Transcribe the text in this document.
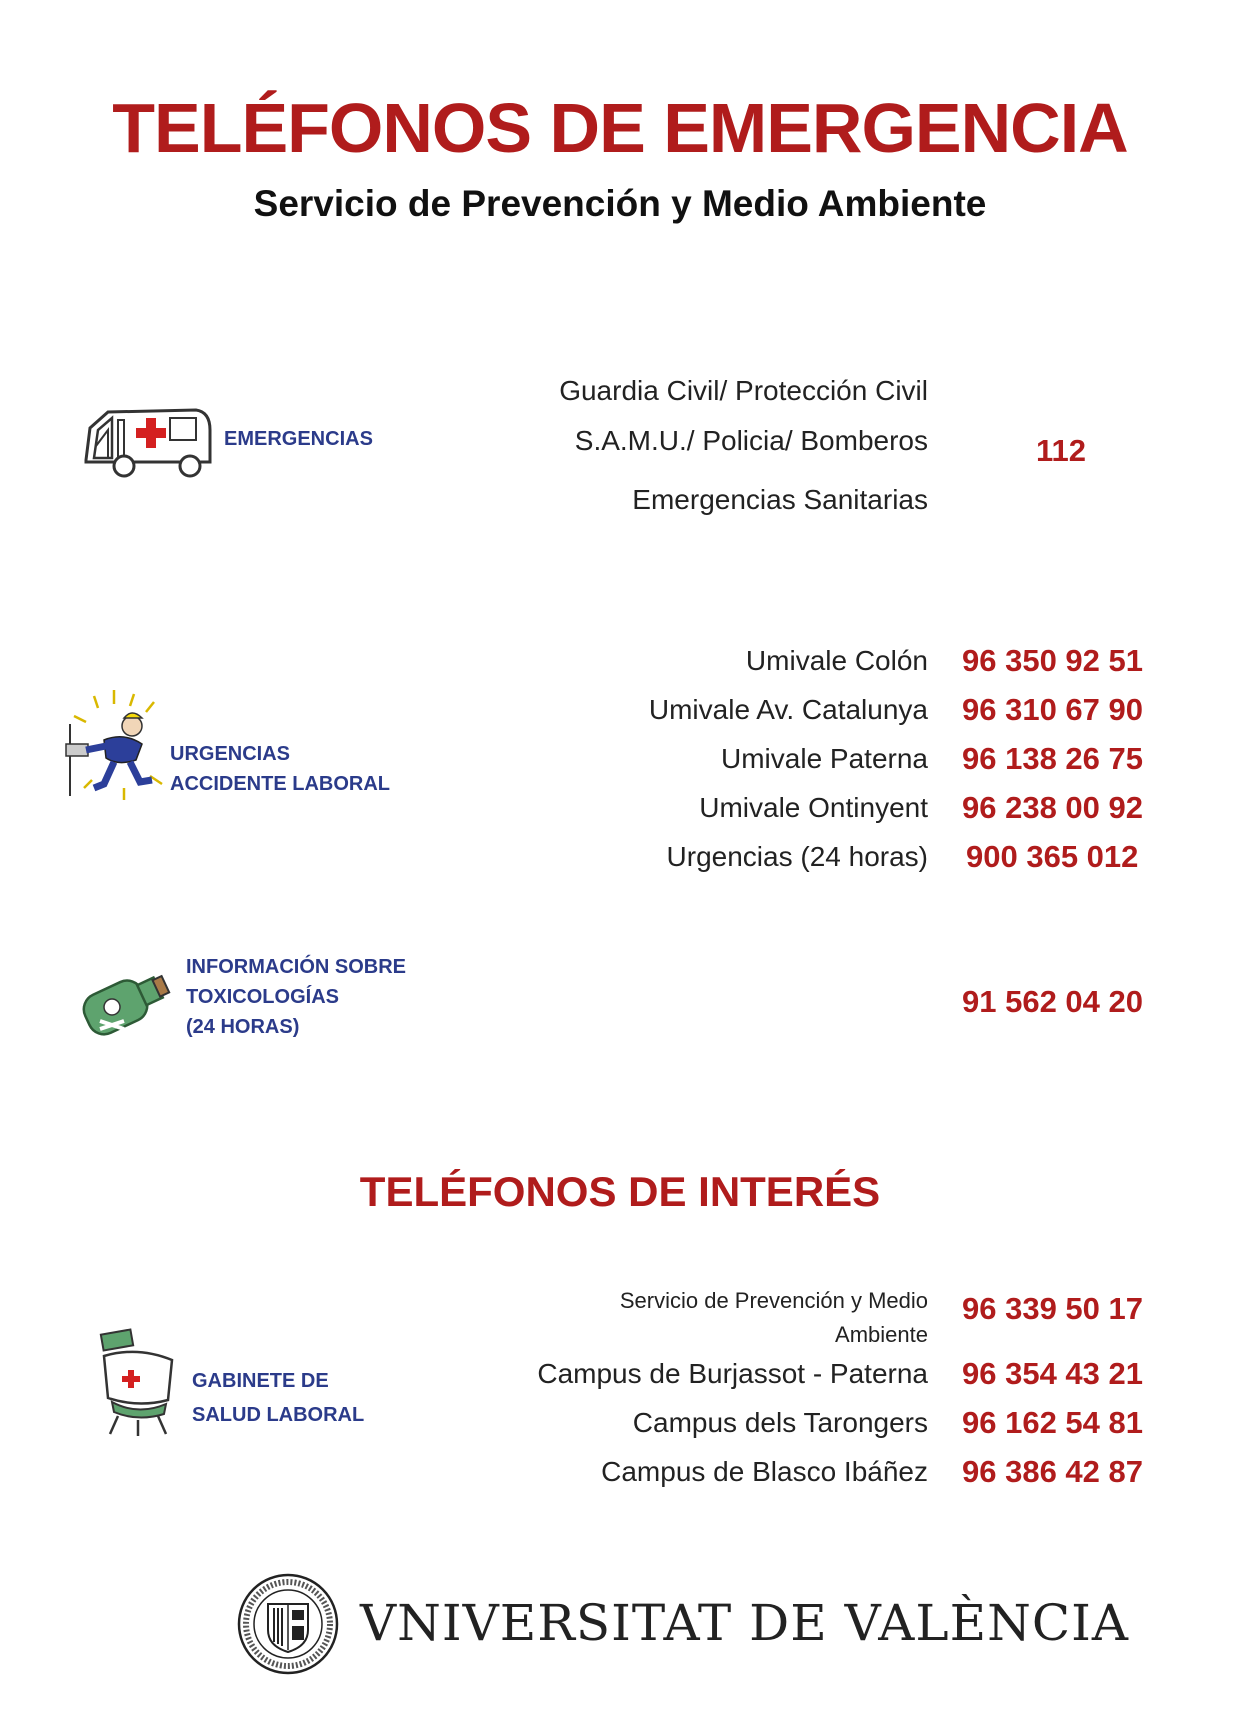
TELÉFONOS DE EMERGENCIA
Servicio de Prevención y Medio Ambiente
EMERGENCIAS
Guardia Civil/ Protección Civil
S.A.M.U./ Policia/ Bomberos
Emergencias Sanitarias
112
URGENCIAS
ACCIDENTE LABORAL
Umivale Colón 96 350 92 51
Umivale Av. Catalunya 96 310 67 90
Umivale Paterna 96 138 26 75
Umivale Ontinyent 96 238 00 92
Urgencias (24 horas) 900 365 012
INFORMACIÓN SOBRE
TOXICOLOGÍAS
(24 HORAS)
91 562 04 20
TELÉFONOS DE INTERÉS
GABINETE DE
SALUD LABORAL
Servicio de Prevención y Medio
Ambiente
96 339 50 17
Campus de Burjassot - Paterna 96 354 43 21
Campus dels Tarongers 96 162 54 81
Campus de Blasco Ibáñez 96 386 42 87
VNIVERSITAT DE VALÈNCIA
